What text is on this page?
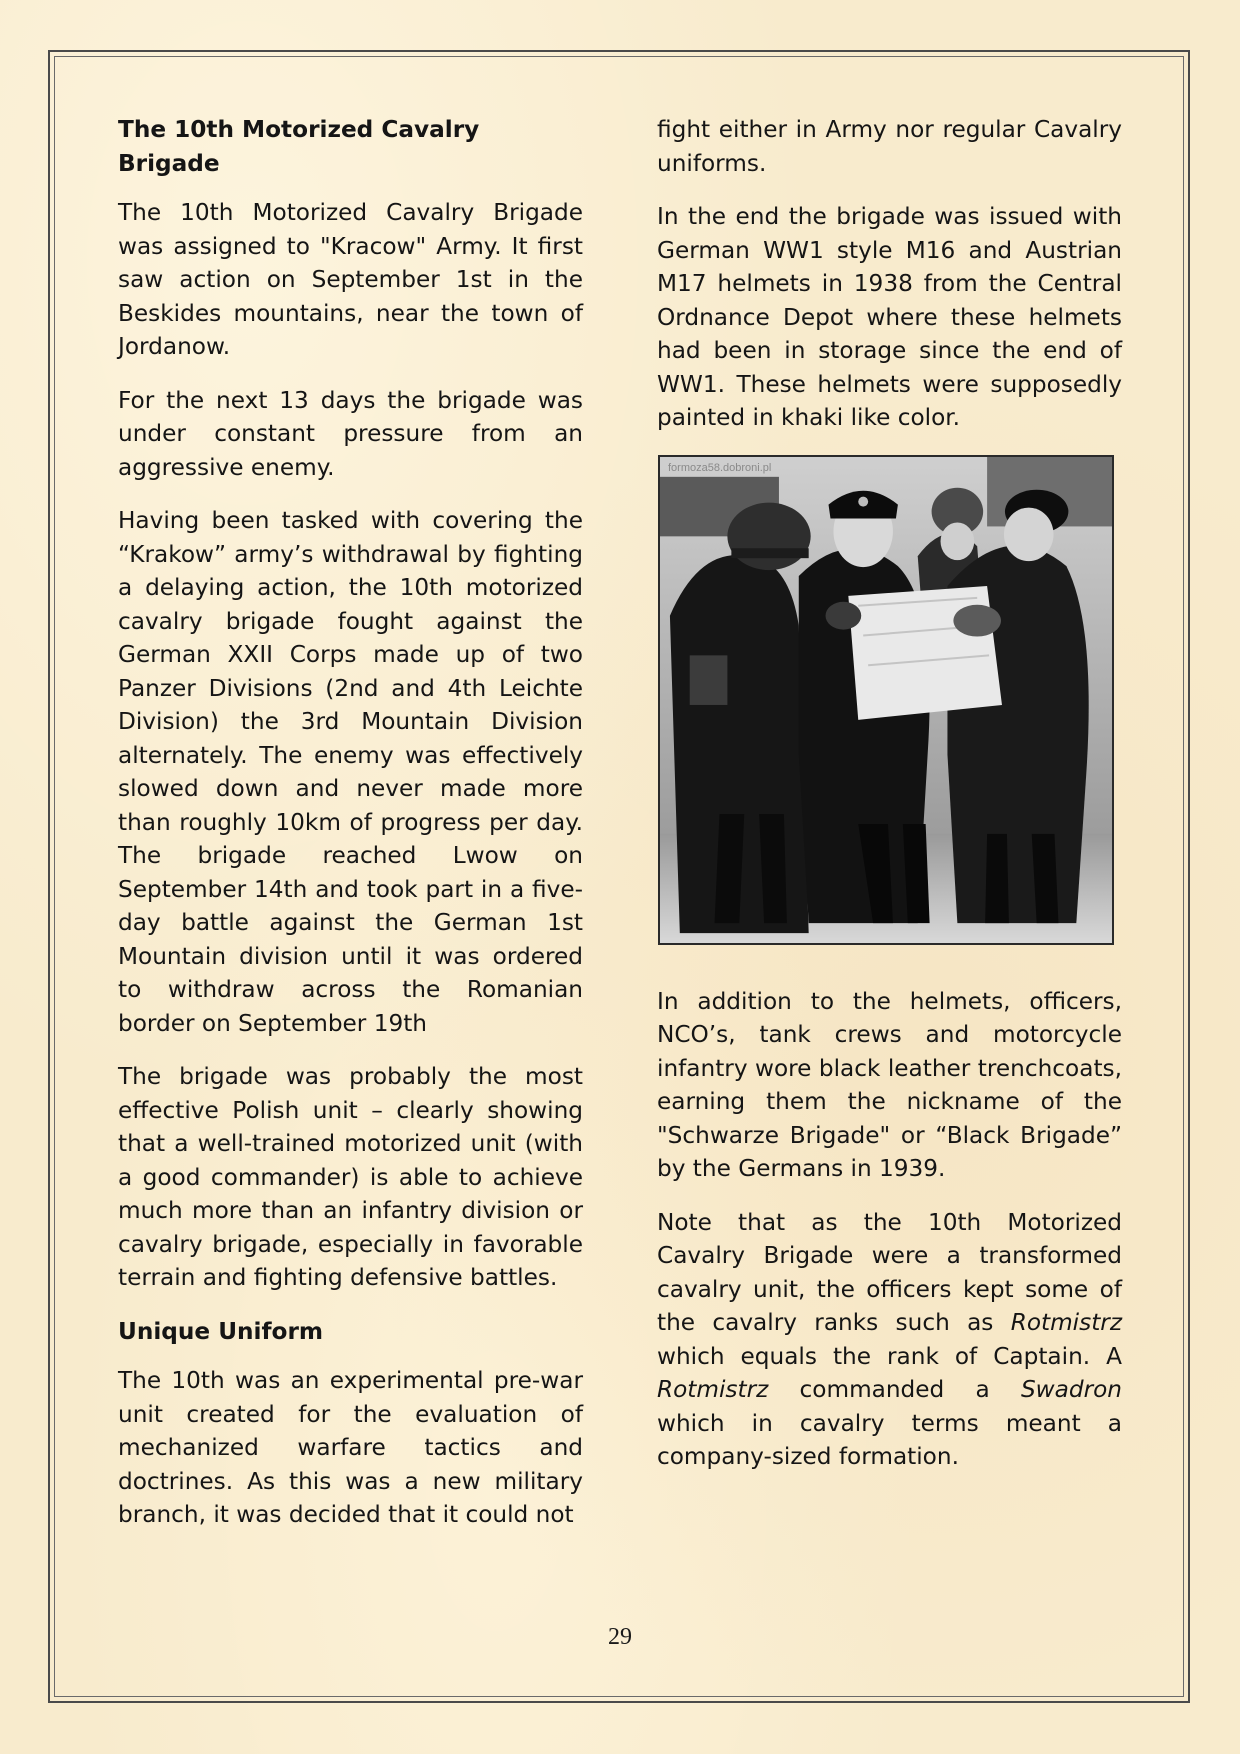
The 10th Motorized Cavalry Brigade

The 10th Motorized Cavalry Brigade was assigned to "Kracow" Army. It first saw action on September 1st in the Beskides mountains, near the town of Jordanow.

For the next 13 days the brigade was under constant pressure from an aggressive enemy.

Having been tasked with covering the “Krakow” army’s withdrawal by fighting a delaying action, the 10th motorized cavalry brigade fought against the German XXII Corps made up of two Panzer Divisions (2nd and 4th Leichte Division) the 3rd Mountain Division alternately. The enemy was effectively slowed down and never made more than roughly 10km of progress per day. The brigade reached Lwow on September 14th and took part in a five-day battle against the German 1st Mountain division until it was ordered to withdraw across the Romanian border on September 19th

The brigade was probably the most effective Polish unit – clearly showing that a well-trained motorized unit (with a good commander) is able to achieve much more than an infantry division or cavalry brigade, especially in favorable terrain and fighting defensive battles.

Unique Uniform

The 10th was an experimental pre-war unit created for the evaluation of mechanized warfare tactics and doctrines. As this was a new military branch, it was decided that it could not

fight either in Army nor regular Cavalry uniforms.

In the end the brigade was issued with German WW1 style M16 and Austrian M17 helmets in 1938 from the Central Ordnance Depot where these helmets had been in storage since the end of WW1. These helmets were supposedly painted in khaki like color.

formoza58.dobroni.pl

In addition to the helmets, officers, NCO’s, tank crews and motorcycle infantry wore black leather trenchcoats, earning them the nickname of the "Schwarze Brigade" or “Black Brigade” by the Germans in 1939.

Note that as the 10th Motorized Cavalry Brigade were a transformed cavalry unit, the officers kept some of the cavalry ranks such as Rotmistrz which equals the rank of Captain. A Rotmistrz commanded a Swadron which in cavalry terms meant a company-sized formation.

29
